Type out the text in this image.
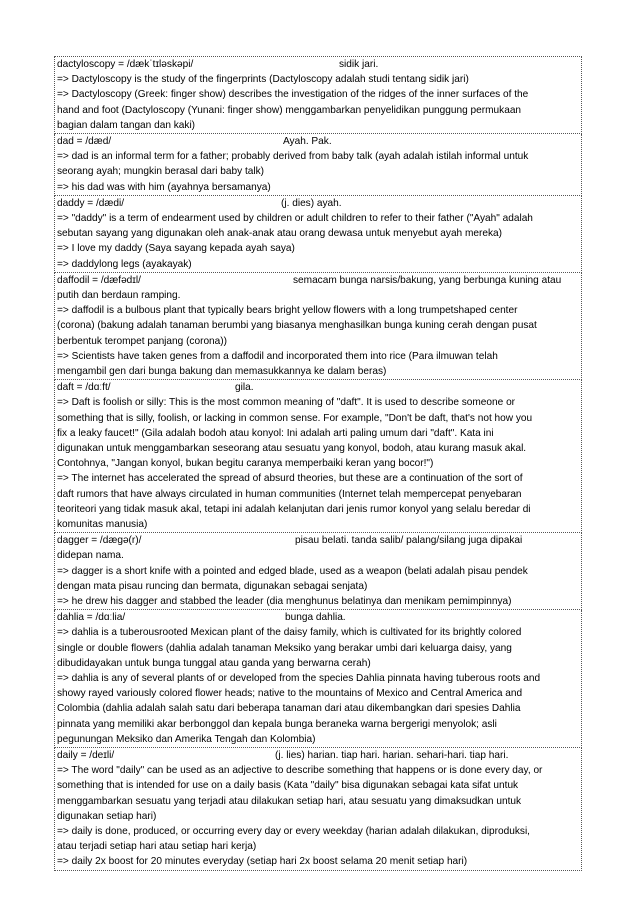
dactyloscopy = /dækˈtɪləskəpi/	sidik jari.
=> Dactyloscopy is the study of the fingerprints (Dactyloscopy adalah studi tentang sidik jari)
=> Dactyloscopy (Greek: finger show) describes the investigation of the ridges of the inner surfaces of the
hand and foot (Dactyloscopy (Yunani: finger show) menggambarkan penyelidikan punggung permukaan
bagian dalam tangan dan kaki)
dad = /dæd/	Ayah. Pak.
=> dad is an informal term for a father; probably derived from baby talk (ayah adalah istilah informal untuk
seorang ayah; mungkin berasal dari baby talk)
=> his dad was with him (ayahnya bersamanya)
daddy = /dædi/	(j. dies) ayah.
=> "daddy" is a term of endearment used by children or adult children to refer to their father ("Ayah" adalah
sebutan sayang yang digunakan oleh anak-anak atau orang dewasa untuk menyebut ayah mereka)
=> I love my daddy (Saya sayang kepada ayah saya)
=> daddylong legs (ayakayak)
daffodil = /dæfədɪl/	semacam bunga narsis/bakung, yang berbunga kuning atau
putih dan berdaun ramping.
=> daffodil is a bulbous plant that typically bears bright yellow flowers with a long trumpetshaped center
(corona) (bakung adalah tanaman berumbi yang biasanya menghasilkan bunga kuning cerah dengan pusat
berbentuk terompet panjang (corona))
=> Scientists have taken genes from a daffodil and incorporated them into rice (Para ilmuwan telah
mengambil gen dari bunga bakung dan memasukkannya ke dalam beras)
daft = /dɑːft/	gila.
=> Daft is foolish or silly: This is the most common meaning of "daft". It is used to describe someone or
something that is silly, foolish, or lacking in common sense. For example, "Don't be daft, that's not how you
fix a leaky faucet!" (Gila adalah bodoh atau konyol: Ini adalah arti paling umum dari "daft". Kata ini
digunakan untuk menggambarkan seseorang atau sesuatu yang konyol, bodoh, atau kurang masuk akal.
Contohnya, "Jangan konyol, bukan begitu caranya memperbaiki keran yang bocor!")
=> The internet has accelerated the spread of absurd theories, but these are a continuation of the sort of
daft rumors that have always circulated in human communities (Internet telah mempercepat penyebaran
teoriteori yang tidak masuk akal, tetapi ini adalah kelanjutan dari jenis rumor konyol yang selalu beredar di
komunitas manusia)
dagger = /dægə(r)/	pisau belati. tanda salib/ palang/silang juga dipakai
didepan nama.
=> dagger is a short knife with a pointed and edged blade, used as a weapon (belati adalah pisau pendek
dengan mata pisau runcing dan bermata, digunakan sebagai senjata)
=> he drew his dagger and stabbed the leader (dia menghunus belatinya dan menikam pemimpinnya)
dahlia = /dɑːlia/	bunga dahlia.
=> dahlia is a tuberousrooted Mexican plant of the daisy family, which is cultivated for its brightly colored
single or double flowers (dahlia adalah tanaman Meksiko yang berakar umbi dari keluarga daisy, yang
dibudidayakan untuk bunga tunggal atau ganda yang berwarna cerah)
=> dahlia is any of several plants of or developed from the species Dahlia pinnata having tuberous roots and
showy rayed variously colored flower heads; native to the mountains of Mexico and Central America and
Colombia (dahlia adalah salah satu dari beberapa tanaman dari atau dikembangkan dari spesies Dahlia
pinnata yang memiliki akar berbonggol dan kepala bunga beraneka warna bergerigi menyolok; asli
pegunungan Meksiko dan Amerika Tengah dan Kolombia)
daily = /deɪli/	(j. lies) harian. tiap hari. harian. sehari-hari. tiap hari.
=> The word "daily" can be used as an adjective to describe something that happens or is done every day, or
something that is intended for use on a daily basis (Kata "daily" bisa digunakan sebagai kata sifat untuk
menggambarkan sesuatu yang terjadi atau dilakukan setiap hari, atau sesuatu yang dimaksudkan untuk
digunakan setiap hari)
=> daily is done, produced, or occurring every day or every weekday (harian adalah dilakukan, diproduksi,
atau terjadi setiap hari atau setiap hari kerja)
=> daily 2x boost for 20 minutes everyday (setiap hari 2x boost selama 20 menit setiap hari)
